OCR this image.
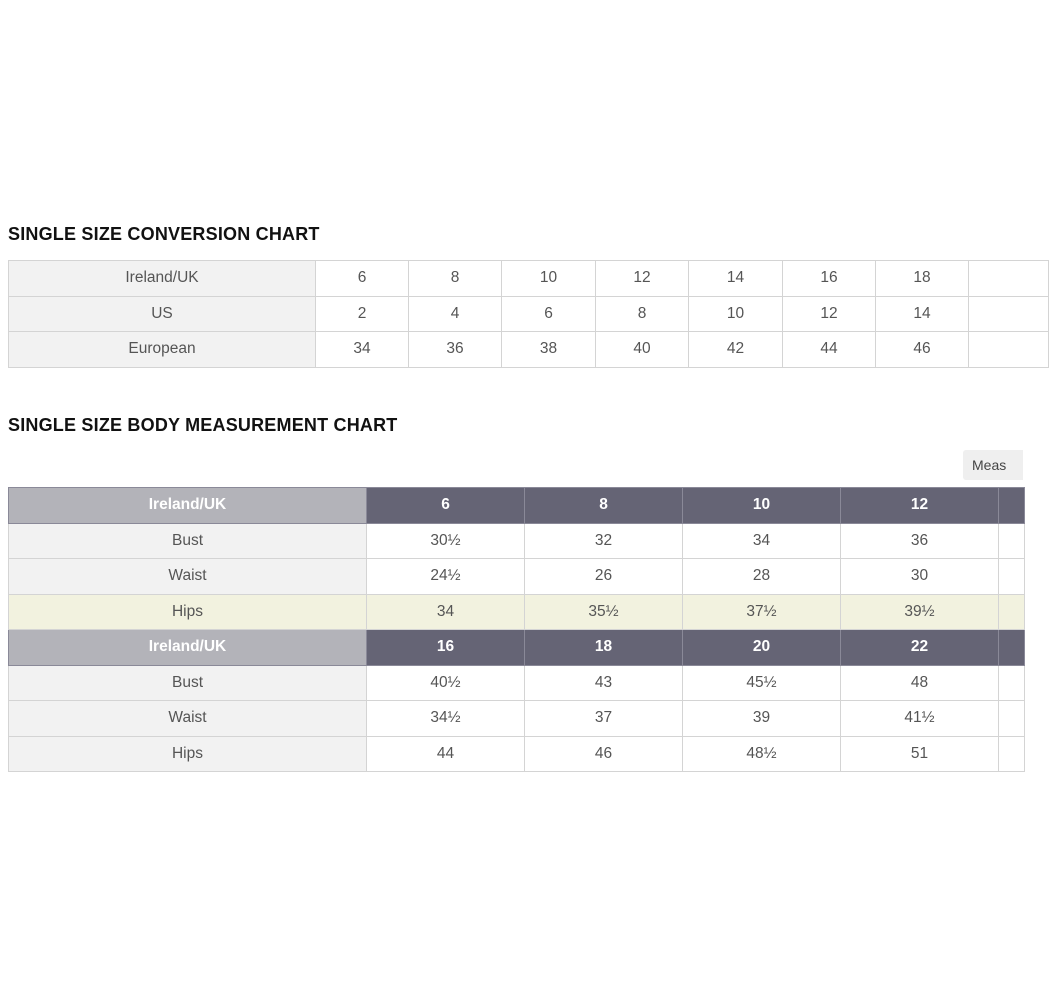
SINGLE SIZE CONVERSION CHART
Ireland/UK	6	8	10	12	14	16	18	
US	2	4	6	8	10	12	14	
European	34	36	38	40	42	44	46	
SINGLE SIZE BODY MEASUREMENT CHART
Meas
Ireland/UK	6	8	10	12	
Bust	30½	32	34	36	
Waist	24½	26	28	30	
Hips	34	35½	37½	39½	
Ireland/UK	16	18	20	22	
Bust	40½	43	45½	48	
Waist	34½	37	39	41½	
Hips	44	46	48½	51	
